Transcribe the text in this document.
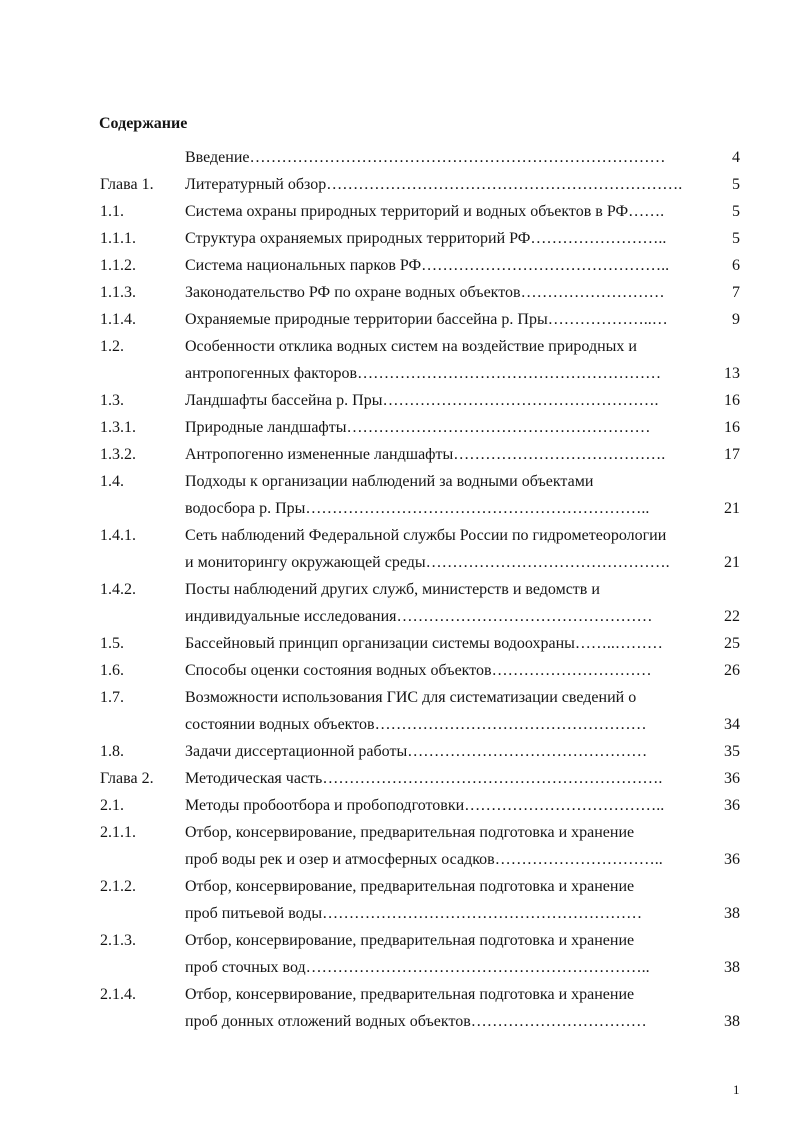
Содержание
Введение……………………………………………………………………	4
Глава 1. Литературный обзор………………………………………………………….	5
1.1.	Система охраны природных территорий и водных объектов в РФ…….	5
1.1.1.	Структура охраняемых природных территорий РФ……………………..	5
1.1.2.	Система национальных парков РФ………………………………………..	6
1.1.3.	Законодательство РФ по охране водных объектов………………………	7
1.1.4.	Охраняемые природные территории бассейна р. Пры………………..…	9
1.2.	Особенности отклика водных систем на воздействие природных и
антропогенных факторов…………………………………………………	13
1.3.	Ландшафты бассейна р. Пры…………………………………………….	16
1.3.1.	Природные ландшафты…………………………………………………	16
1.3.2.	Антропогенно измененные ландшафты………………………………….	17
1.4.	Подходы к организации наблюдений за водными объектами
водосбора р. Пры………………………………………………………..	21
1.4.1.	Сеть наблюдений Федеральной службы России по гидрометеорологии
и мониторингу окружающей среды……………………………………….	21
1.4.2.	Посты наблюдений других служб, министерств и ведомств и
индивидуальные исследования…………………………………………	22
1.5.	Бассейновый принцип организации системы водоохраны……..………	25
1.6.	Способы оценки состояния водных объектов…………………………	26
1.7.	Возможности использования ГИС для систематизации сведений о
состоянии водных объектов……………………………………………	34
1.8.	Задачи диссертационной работы………………………………………	35
Глава 2. Методическая часть……………………………………………………….	36
2.1.	Методы пробоотбора и пробоподготовки………………………………..	36
2.1.1.	Отбор, консервирование, предварительная подготовка и хранение
проб воды рек и озер и атмосферных осадков…………………………..	36
2.1.2.	Отбор, консервирование, предварительная подготовка и хранение
проб питьевой воды……………………………………………………	38
2.1.3.	Отбор, консервирование, предварительная подготовка и хранение
проб сточных вод………………………………………………………..	38
2.1.4.	Отбор, консервирование, предварительная подготовка и хранение
проб донных отложений водных объектов……………………………	38
1
